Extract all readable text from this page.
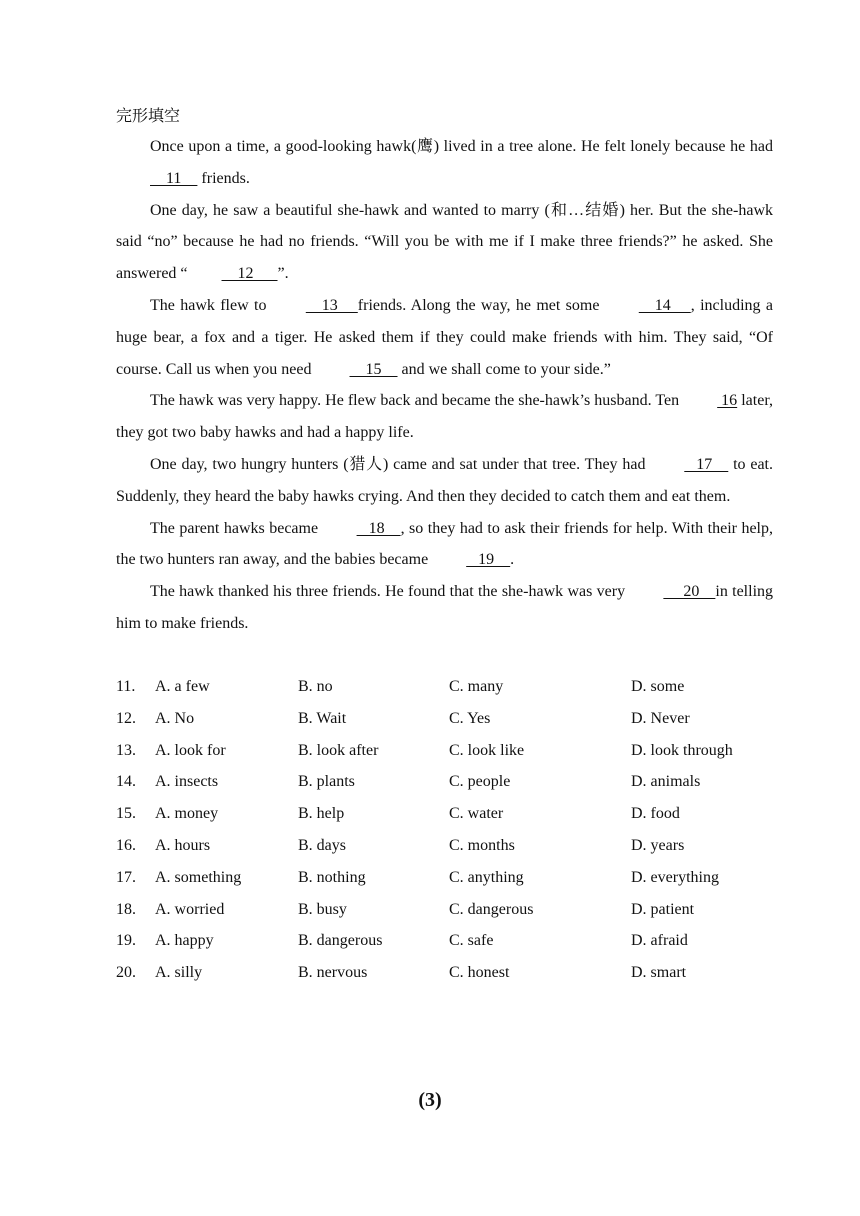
完形填空

Once upon a time, a good-looking hawk(鹰) lived in a tree alone. He felt lonely because he had     11     friends.

One day, he saw a beautiful she-hawk and wanted to marry (和…结婚) her. But the she-hawk said “no” because he had no friends. “Will you be with me if I make three friends?” he asked. She answered “    12      ”.

The hawk flew to     13     friends. Along the way, he met some     14     , including a huge bear, a fox and a tiger. He asked them if they could make friends with him. They said, “Of course. Call us when you need     15     and we shall come to your side.”

The hawk was very happy. He flew back and became the she-hawk’s husband. Ten  16 later, they got two baby hawks and had a happy life.

One day, two hungry hunters (猎人) came and sat under that tree. They had    17     to eat. Suddenly, they heard the baby hawks crying. And then they decided to catch them and eat them.

The parent hawks became    18    , so they had to ask their friends for help. With their help, the two hunters ran away, and the babies became    19    .

The hawk thanked his three friends. He found that the she-hawk was very      20    in telling him to make friends.

11. A. a few	B. no	C. many	D. some
12. A. No	B. Wait	C. Yes	D. Never
13. A. look for	B. look after	C. look like	D. look through
14. A. insects	B. plants	C. people	D. animals
15. A. money	B. help	C. water	D. food
16. A. hours	B. days	C. months	D. years
17. A. something	B. nothing	C. anything	D. everything
18. A. worried	B. busy	C. dangerous	D. patient
19. A. happy	B. dangerous	C. safe	D. afraid
20. A. silly	B. nervous	C. honest	D. smart
(3)
